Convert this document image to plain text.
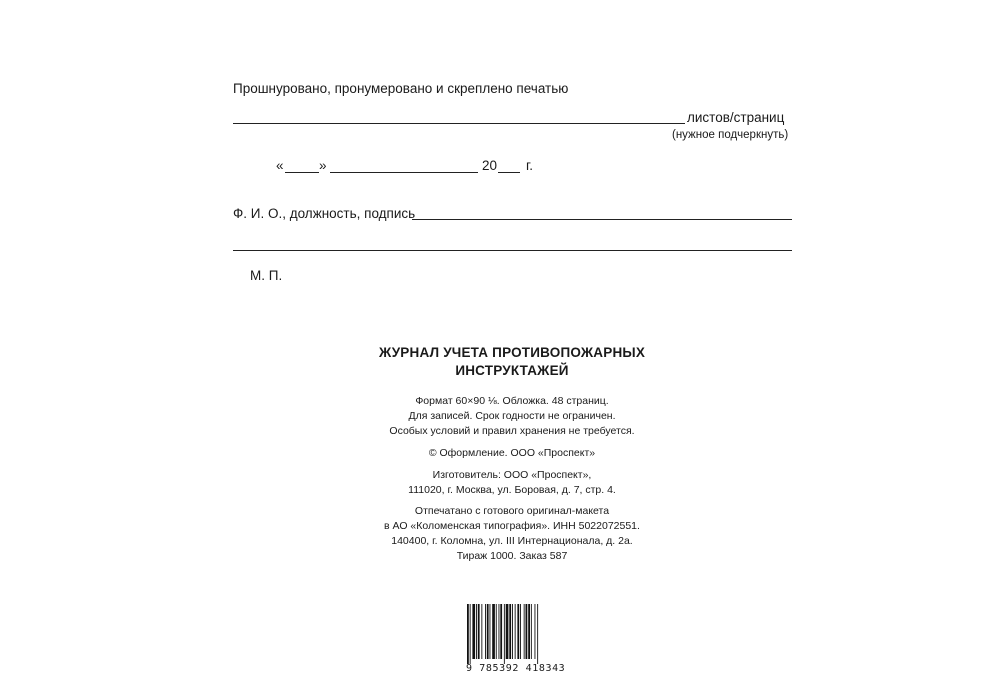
Прошнуровано, пронумеровано и скреплено печатью
листов/страниц
(нужное подчеркнуть)
«	»	20 г.
Ф. И. О., должность, подпись
М. П.
ЖУРНАЛ УЧЕТА ПРОТИВОПОЖАРНЫХ
ИНСТРУКТАЖЕЙ
Формат 60×90 ⅛. Обложка. 48 страниц.
Для записей. Срок годности не ограничен.
Особых условий и правил хранения не требуется.
© Оформление. ООО «Проспект»
Изготовитель: ООО «Проспект»,
111020, г. Москва, ул. Боровая, д. 7, стр. 4.
Отпечатано с готового оригинал-макета
в АО «Коломенская типография». ИНН 5022072551.
140400, г. Коломна, ул. III Интернационала, д. 2а.
Тираж 1000. Заказ 587
9 785392 418343
